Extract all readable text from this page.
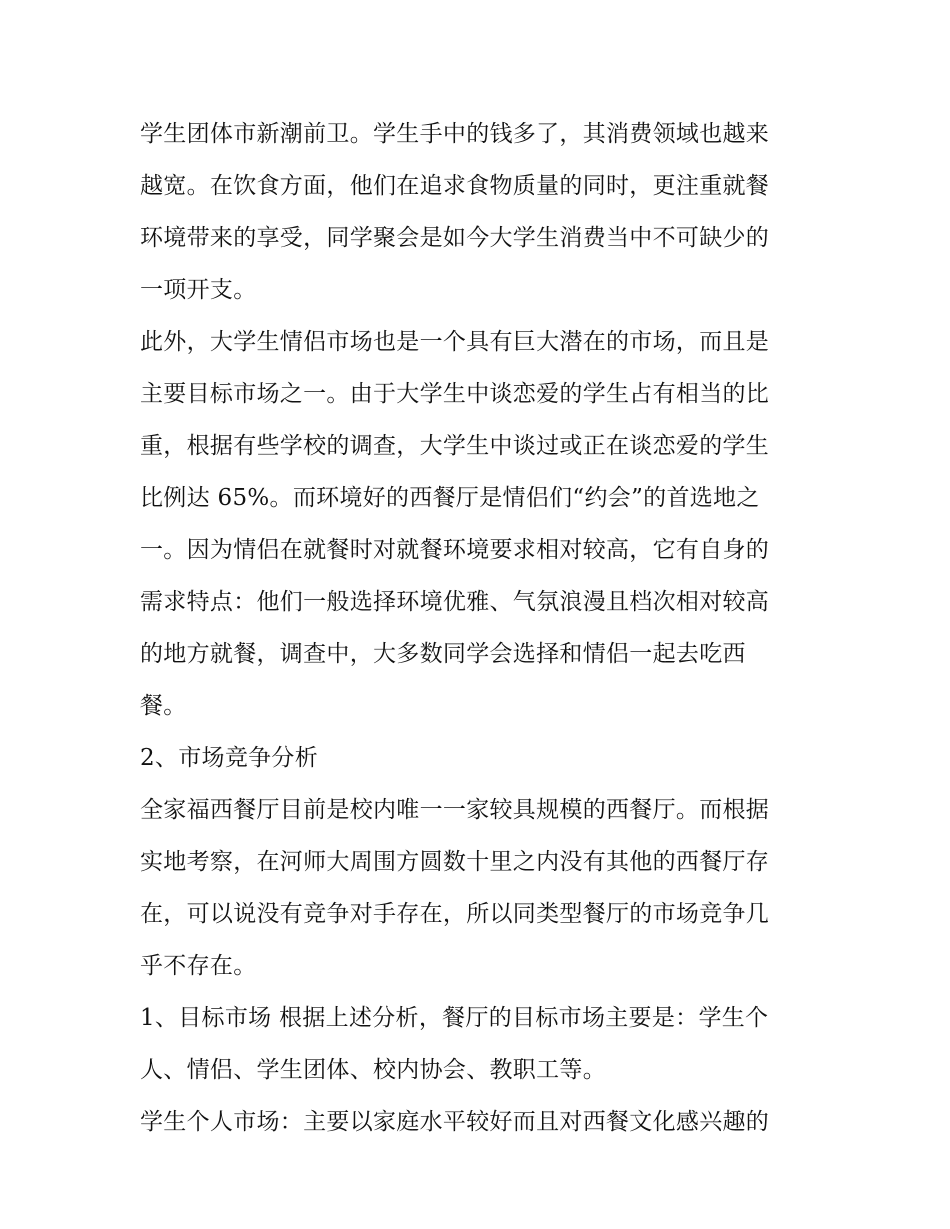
学生团体市新潮前卫。学生手中的钱多了，其消费领域也越来
越宽。在饮食方面，他们在追求食物质量的同时，更注重就餐
环境带来的享受，同学聚会是如今大学生消费当中不可缺少的
一项开支。
此外，大学生情侣市场也是一个具有巨大潜在的市场，而且是
主要目标市场之一。由于大学生中谈恋爱的学生占有相当的比
重，根据有些学校的调查，大学生中谈过或正在谈恋爱的学生
比例达 65%。而环境好的西餐厅是情侣们“约会”的首选地之
一。因为情侣在就餐时对就餐环境要求相对较高，它有自身的
需求特点：他们一般选择环境优雅、气氛浪漫且档次相对较高
的地方就餐，调查中，大多数同学会选择和情侣一起去吃西
餐。
2、市场竞争分析
全家福西餐厅目前是校内唯一一家较具规模的西餐厅。而根据
实地考察，在河师大周围方圆数十里之内没有其他的西餐厅存
在，可以说没有竞争对手存在，所以同类型餐厅的市场竞争几
乎不存在。
1、目标市场 根据上述分析，餐厅的目标市场主要是：学生个
人、情侣、学生团体、校内协会、教职工等。
学生个人市场：主要以家庭水平较好而且对西餐文化感兴趣的
